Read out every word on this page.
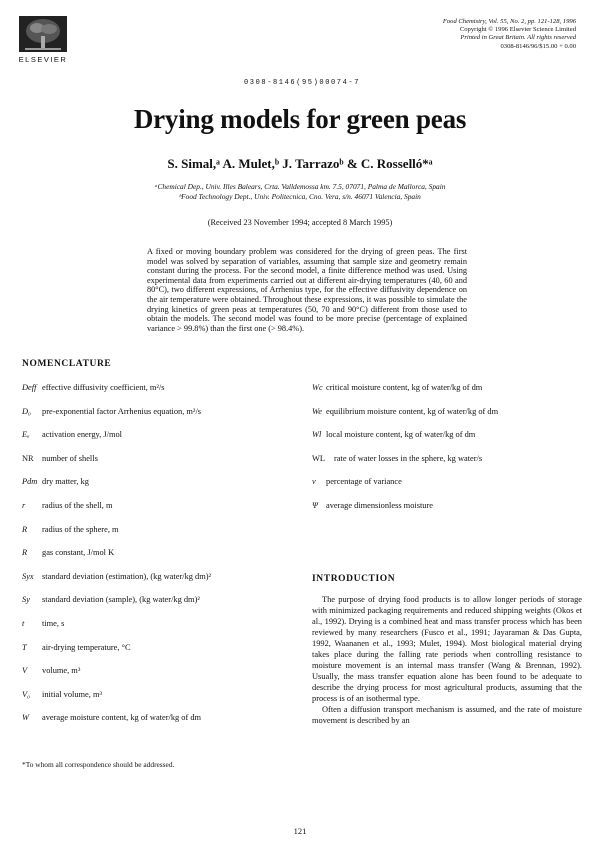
ELSEVIER
0308-8146(95)00074-7
Food Chemistry, Vol. 55, No. 2, pp. 121-128, 1996
Copyright © 1996 Elsevier Science Limited
Printed in Great Britain. All rights reserved
0308-8146/96/$15.00 + 0.00
Drying models for green peas
S. Simal,ᵃ A. Mulet,ᵇ J. Tarrazoᵇ & C. Rosselló*ᵃ
ᵃChemical Dep., Univ. Illes Balears, Crta. Valldemossa km. 7.5, 07071, Palma de Mallorca, Spain
ᵇFood Technology Dept., Univ. Politecnica, Cno. Vera, s/n. 46071 Valencia, Spain
(Received 23 November 1994; accepted 8 March 1995)
A fixed or moving boundary problem was considered for the drying of green peas. The first model was solved by separation of variables, assuming that sample size and geometry remain constant during the process. For the second model, a finite difference method was used. Using experimental data from experiments carried out at different air-drying temperatures (40, 60 and 80°C), two different expressions, of Arrhenius type, for the effective diffusivity dependence on the air temperature were obtained. Throughout these expressions, it was possible to simulate the drying kinetics of green peas at temperatures (50, 70 and 90°C) different from those used to obtain the models. The second model was found to be more precise (percentage of explained variance > 99.8%) than the first one (> 98.4%).
NOMENCLATURE
Deff effective diffusivity coefficient, m²/s
D₀	pre-exponential factor Arrhenius equation, m²/s
Eₐ	activation energy, J/mol
NR number of shells
Pdm dry matter, kg
r	radius of the shell, m
R	radius of the sphere, m
R	gas constant, J/mol K
Syx standard deviation (estimation), (kg water/kg dm)²
Sy	standard deviation (sample), (kg water/kg dm)²
t	time, s
T	air-drying temperature, °C
V	volume, m³
V₀	initial volume, m³
W	average moisture content, kg of water/kg of dm
Wc critical moisture content, kg of water/kg of dm
We equilibrium moisture content, kg of water/kg of dm
Wl local moisture content, kg of water/kg of dm
WL	rate of water losses in the sphere, kg water/s
v	percentage of variance
Ψ average dimensionless moisture
INTRODUCTION

The purpose of drying food products is to allow longer periods of storage with minimized packaging requirements and reduced shipping weights (Okos et al., 1992). Drying is a combined heat and mass transfer process which has been reviewed by many researchers (Fusco et al., 1991; Jayaraman & Das Gupta, 1992, Waananen et al., 1993; Mulet, 1994). Most biological material drying takes place during the falling rate periods when controlling resistance to moisture movement is an internal mass transfer (Wang & Brennan, 1992). Usually, the mass transfer equation alone has been found to be adequate to describe the drying process for most agricultural products, assuming that the process is of an isothermal type.

Often a diffusion transport mechanism is assumed, and the rate of moisture movement is described by an

*To whom all correspondence should be addressed.
121
